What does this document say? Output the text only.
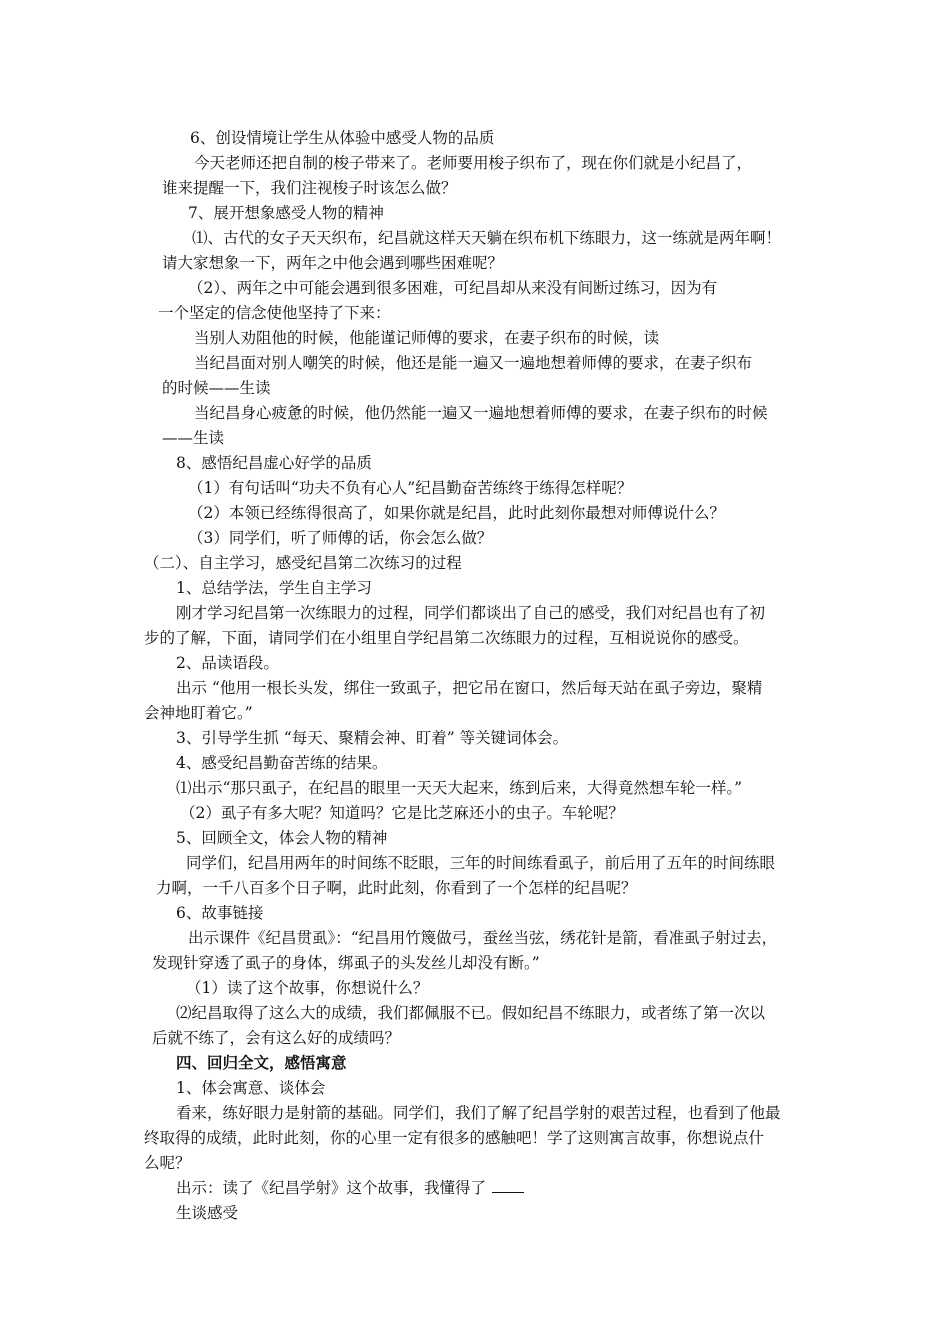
6、创设情境让学生从体验中感受人物的品质
今天老师还把自制的梭子带来了。老师要用梭子织布了，现在你们就是小纪昌了，
谁来提醒一下，我们注视梭子时该怎么做？
7、展开想象感受人物的精神
⑴、古代的女子天天织布，纪昌就这样天天躺在织布机下练眼力，这一练就是两年啊！
请大家想象一下，两年之中他会遇到哪些困难呢？
（2）、两年之中可能会遇到很多困难，可纪昌却从来没有间断过练习，因为有
一个坚定的信念使他坚持了下来：
当别人劝阻他的时候，他能谨记师傅的要求，在妻子织布的时候，读
当纪昌面对别人嘲笑的时候，他还是能一遍又一遍地想着师傅的要求，在妻子织布
的时候——生读
当纪昌身心疲惫的时候，他仍然能一遍又一遍地想着师傅的要求，在妻子织布的时候
——生读
8、感悟纪昌虚心好学的品质
（1）有句话叫“功夫不负有心人”纪昌勤奋苦练终于练得怎样呢？
（2）本领已经练得很高了，如果你就是纪昌，此时此刻你最想对师傅说什么？
（3）同学们，听了师傅的话，你会怎么做？
（二）、自主学习，感受纪昌第二次练习的过程
1、总结学法，学生自主学习
刚才学习纪昌第一次练眼力的过程，同学们都谈出了自己的感受，我们对纪昌也有了初
步的了解，下面，请同学们在小组里自学纪昌第二次练眼力的过程，互相说说你的感受。
2、品读语段。
出示 “他用一根长头发，绑住一致虱子，把它吊在窗口，然后每天站在虱子旁边，聚精
会神地盯着它。”
3、引导学生抓 “每天、聚精会神、盯着” 等关键词体会。
4、感受纪昌勤奋苦练的结果。
⑴出示“那只虱子，在纪昌的眼里一天天大起来，练到后来，大得竟然想车轮一样。”
（2）虱子有多大呢？知道吗？它是比芝麻还小的虫子。车轮呢？
5、回顾全文，体会人物的精神
同学们，纪昌用两年的时间练不眨眼，三年的时间练看虱子，前后用了五年的时间练眼
力啊，一千八百多个日子啊，此时此刻，你看到了一个怎样的纪昌呢？
6、故事链接
出示课件《纪昌贯虱》：“纪昌用竹篾做弓，蚕丝当弦，绣花针是箭，看准虱子射过去，
发现针穿透了虱子的身体，绑虱子的头发丝儿却没有断。”
（1）读了这个故事，你想说什么？
⑵纪昌取得了这么大的成绩，我们都佩服不已。假如纪昌不练眼力，或者练了第一次以
后就不练了，会有这么好的成绩吗？
四、回归全文，感悟寓意
1、体会寓意、谈体会
看来，练好眼力是射箭的基础。同学们，我们了解了纪昌学射的艰苦过程，也看到了他最
终取得的成绩，此时此刻，你的心里一定有很多的感触吧！学了这则寓言故事，你想说点什
么呢？
出示：读了《纪昌学射》这个故事，我懂得了
生谈感受
